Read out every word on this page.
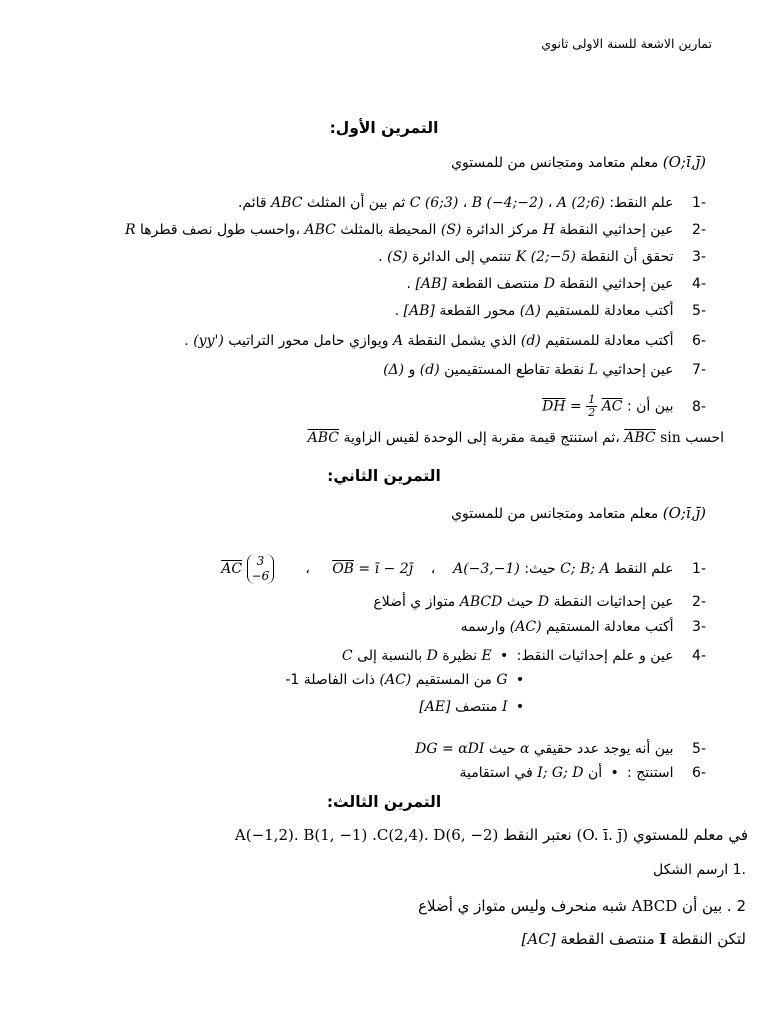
تمارين الاشعة للسنة الاولى ثانوي
التمرين الأول:
(O;ī,j̄) معلم متعامد ومتجانس من للمستوي
-1 علم النقط: A (2;6) ، B (−4;−2) ، C (6;3) ثم بين أن المثلث ABC قائم.
-2 عين إحداثيي النقطة H مركز الدائرة (S) المحيطة بالمثلث ABC ،واحسب طول نصف قطرها R
-3 تحقق أن النقطة K (2;−5) تنتمي إلى الدائرة (S) .
-4 عين إحداثيي النقطة D منتصف القطعة [AB] .
-5 أكتب معادلة للمستقيم (Δ) محور القطعة [AB] .
-6 أكتب معادلة للمستقيم (d) الذي يشمل النقطة A ويوازي حامل محور التراتيب (yy') .
-7 عين إحداثيي L نقطة تقاطع المستقيمين (d) و (Δ)
-8 بين أن : $\overline{DH} = \frac{1}{2} \overline{AC}$
احسب $\sin \overline{ABC}$ ،ثم استنتج قيمة مقربة إلى الوحدة لقيس الزاوية $\overline{ABC}$
التمرين الثاني:
(O;ī,j̄) معلم متعامد ومتجانس من للمستوي
-1 علم النقط C; B; A حيث: A(−3,−1)    ،    $\overline{OB}$ = ī − 2j̄     ،       $\overline{AC}$ 3
−6
-2 عين إحداثيات النقطة D حيث ABCD متواز ي أضلاع
-3 أكتب معادلة المستقيم (AC) وارسمه
-4 عين و علم إحداثيات النقط: • E نظيرة D بالنسبة إلى C
• G من المستقيم (AC) ذات الفاصلة 1-
• I منتصف [AE]
-5 بين أنه يوجد عدد حقيقي α حيث DG = αDI
-6 استنتج : • أن I; G; D في استقامية
التمرين الثالث:
في معلم للمستوي (O. ī. j̄) نعتبر النقط A(−1,2). B(1, −1) .C(2,4). D(6, −2)
.1 ارسم الشكل
2 . بين أن ABCD شبه منحرف وليس متواز ي أضلاع
لتكن النقطة I منتصف القطعة [AC]
